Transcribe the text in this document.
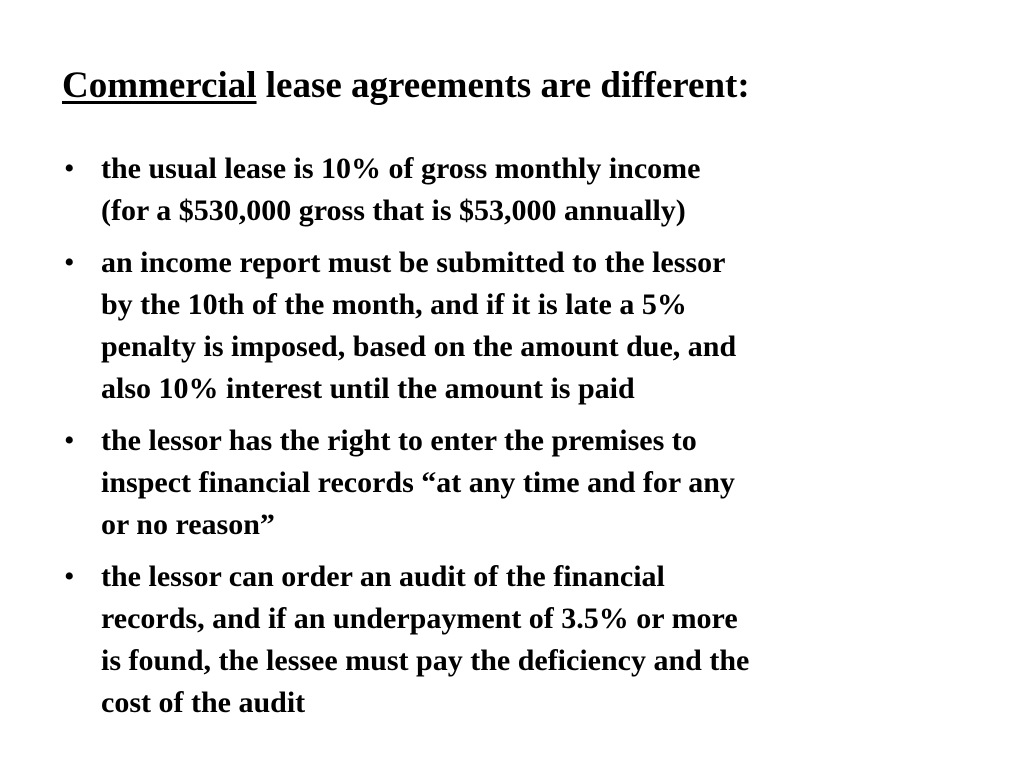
Commercial lease agreements are different:
• the usual lease is 10% of gross monthly income
(for a $530,000 gross that is $53,000 annually)
• an income report must be submitted to the lessor
by the 10th of the month, and if it is late a 5%
penalty is imposed, based on the amount due, and
also 10% interest until the amount is paid
• the lessor has the right to enter the premises to
inspect financial records “at any time and for any
or no reason”
• the lessor can order an audit of the financial
records, and if an underpayment of 3.5% or more
is found, the lessee must pay the deficiency and the
cost of the audit
